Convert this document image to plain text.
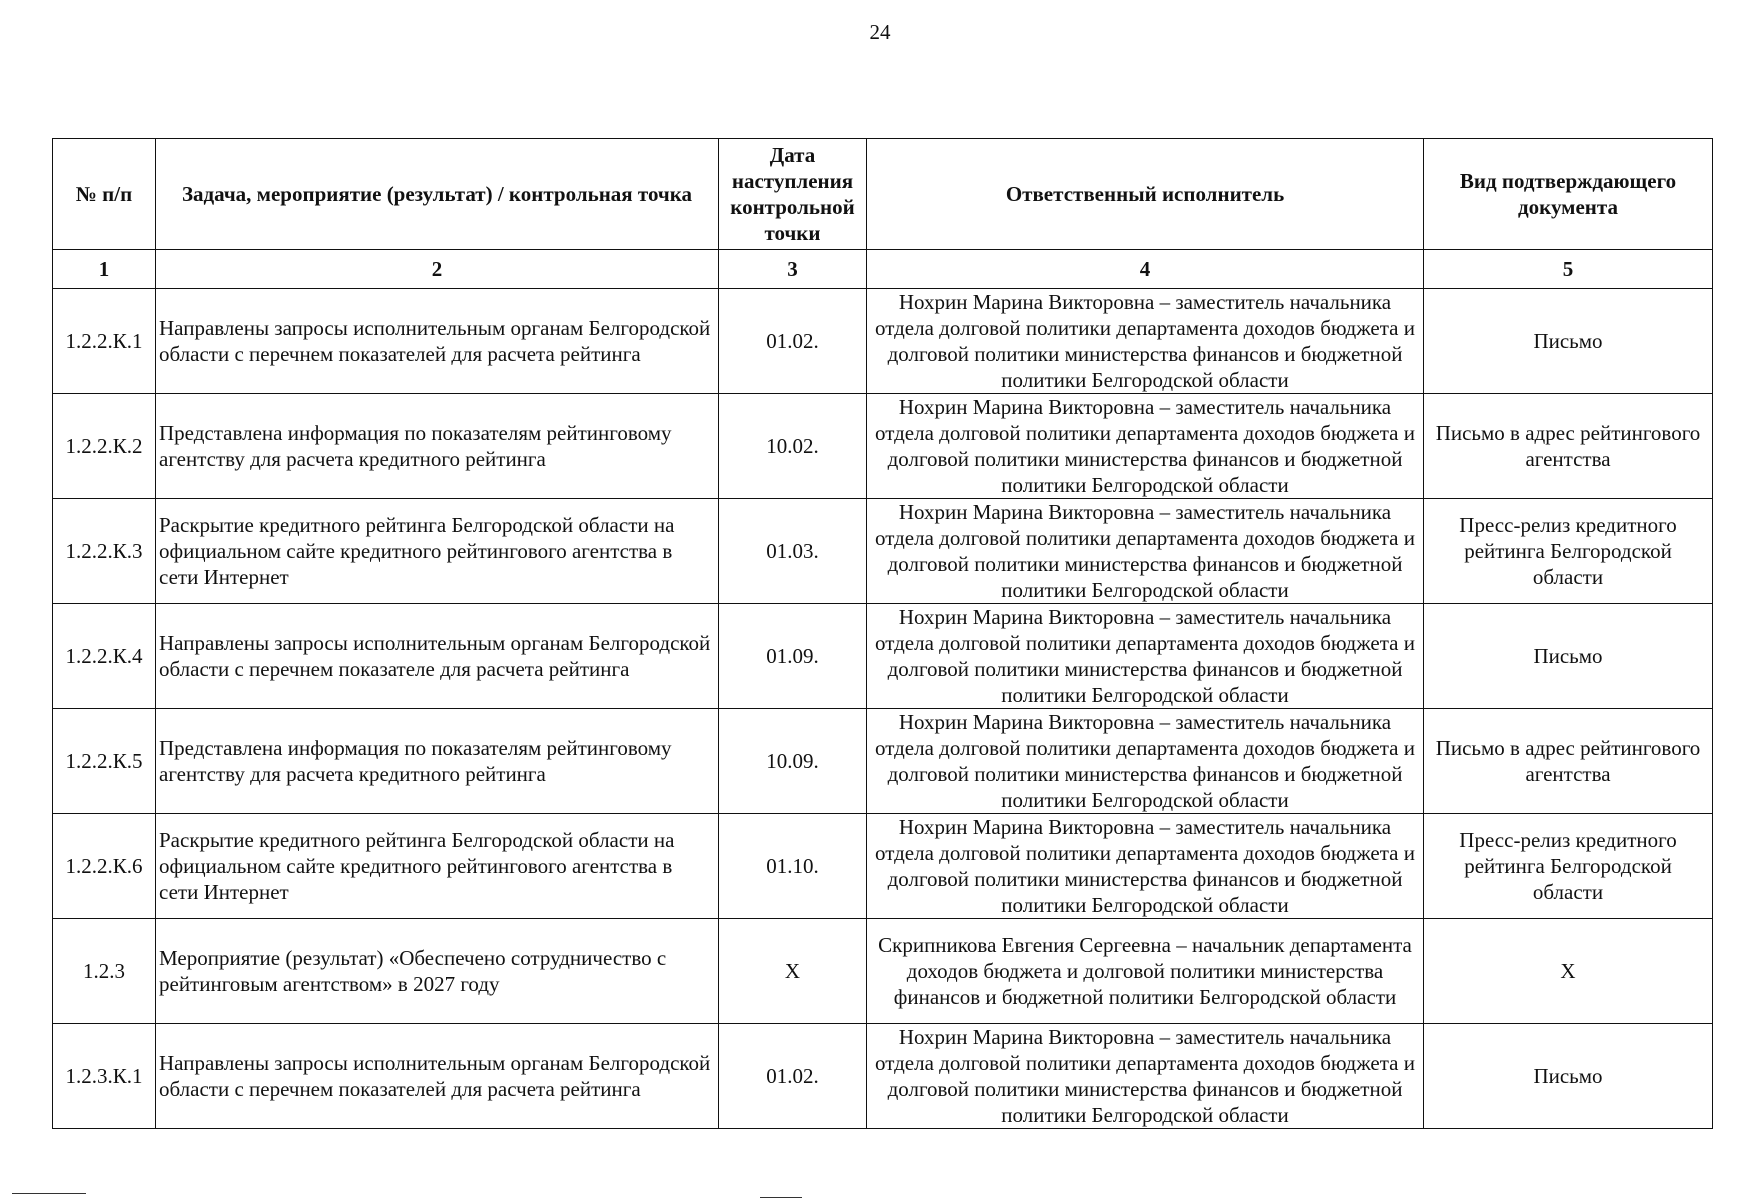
24
№ п/п	Задача, мероприятие (результат) / контрольная точка	Дата наступления контрольной точки	Ответственный исполнитель	Вид подтверждающего документа
1	2	3	4	5
1.2.2.К.1	Направлены запросы исполнительным органам Белгородской области с перечнем показателей для расчета рейтинга	01.02.	Нохрин Марина Викторовна – заместитель начальника отдела долговой политики департамента доходов бюджета и долговой политики министерства финансов и бюджетной политики Белгородской области	Письмо
1.2.2.К.2	Представлена информация по показателям рейтинговому агентству для расчета кредитного рейтинга	10.02.	Нохрин Марина Викторовна – заместитель начальника отдела долговой политики департамента доходов бюджета и долговой политики министерства финансов и бюджетной политики Белгородской области	Письмо в адрес рейтингового агентства
1.2.2.К.3	Раскрытие кредитного рейтинга Белгородской области на официальном сайте кредитного рейтингового агентства в сети Интернет	01.03.	Нохрин Марина Викторовна – заместитель начальника отдела долговой политики департамента доходов бюджета и долговой политики министерства финансов и бюджетной политики Белгородской области	Пресс-релиз кредитного рейтинга Белгородской области
1.2.2.К.4	Направлены запросы исполнительным органам Белгородской области с перечнем показателе для расчета рейтинга	01.09.	Нохрин Марина Викторовна – заместитель начальника отдела долговой политики департамента доходов бюджета и долговой политики министерства финансов и бюджетной политики Белгородской области	Письмо
1.2.2.К.5	Представлена информация по показателям рейтинговому агентству для расчета кредитного рейтинга	10.09.	Нохрин Марина Викторовна – заместитель начальника отдела долговой политики департамента доходов бюджета и долговой политики министерства финансов и бюджетной политики Белгородской области	Письмо в адрес рейтингового агентства
1.2.2.К.6	Раскрытие кредитного рейтинга Белгородской области на официальном сайте кредитного рейтингового агентства в сети Интернет	01.10.	Нохрин Марина Викторовна – заместитель начальника отдела долговой политики департамента доходов бюджета и долговой политики министерства финансов и бюджетной политики Белгородской области	Пресс-релиз кредитного рейтинга Белгородской области
1.2.3	Мероприятие (результат) «Обеспечено сотрудничество с рейтинговым агентством» в 2027 году	Х	Скрипникова Евгения Сергеевна – начальник департамента доходов бюджета и долговой политики министерства финансов и бюджетной политики Белгородской области	Х
1.2.3.К.1	Направлены запросы исполнительным органам Белгородской области с перечнем показателей для расчета рейтинга	01.02.	Нохрин Марина Викторовна – заместитель начальника отдела долговой политики департамента доходов бюджета и долговой политики министерства финансов и бюджетной политики Белгородской области	Письмо
